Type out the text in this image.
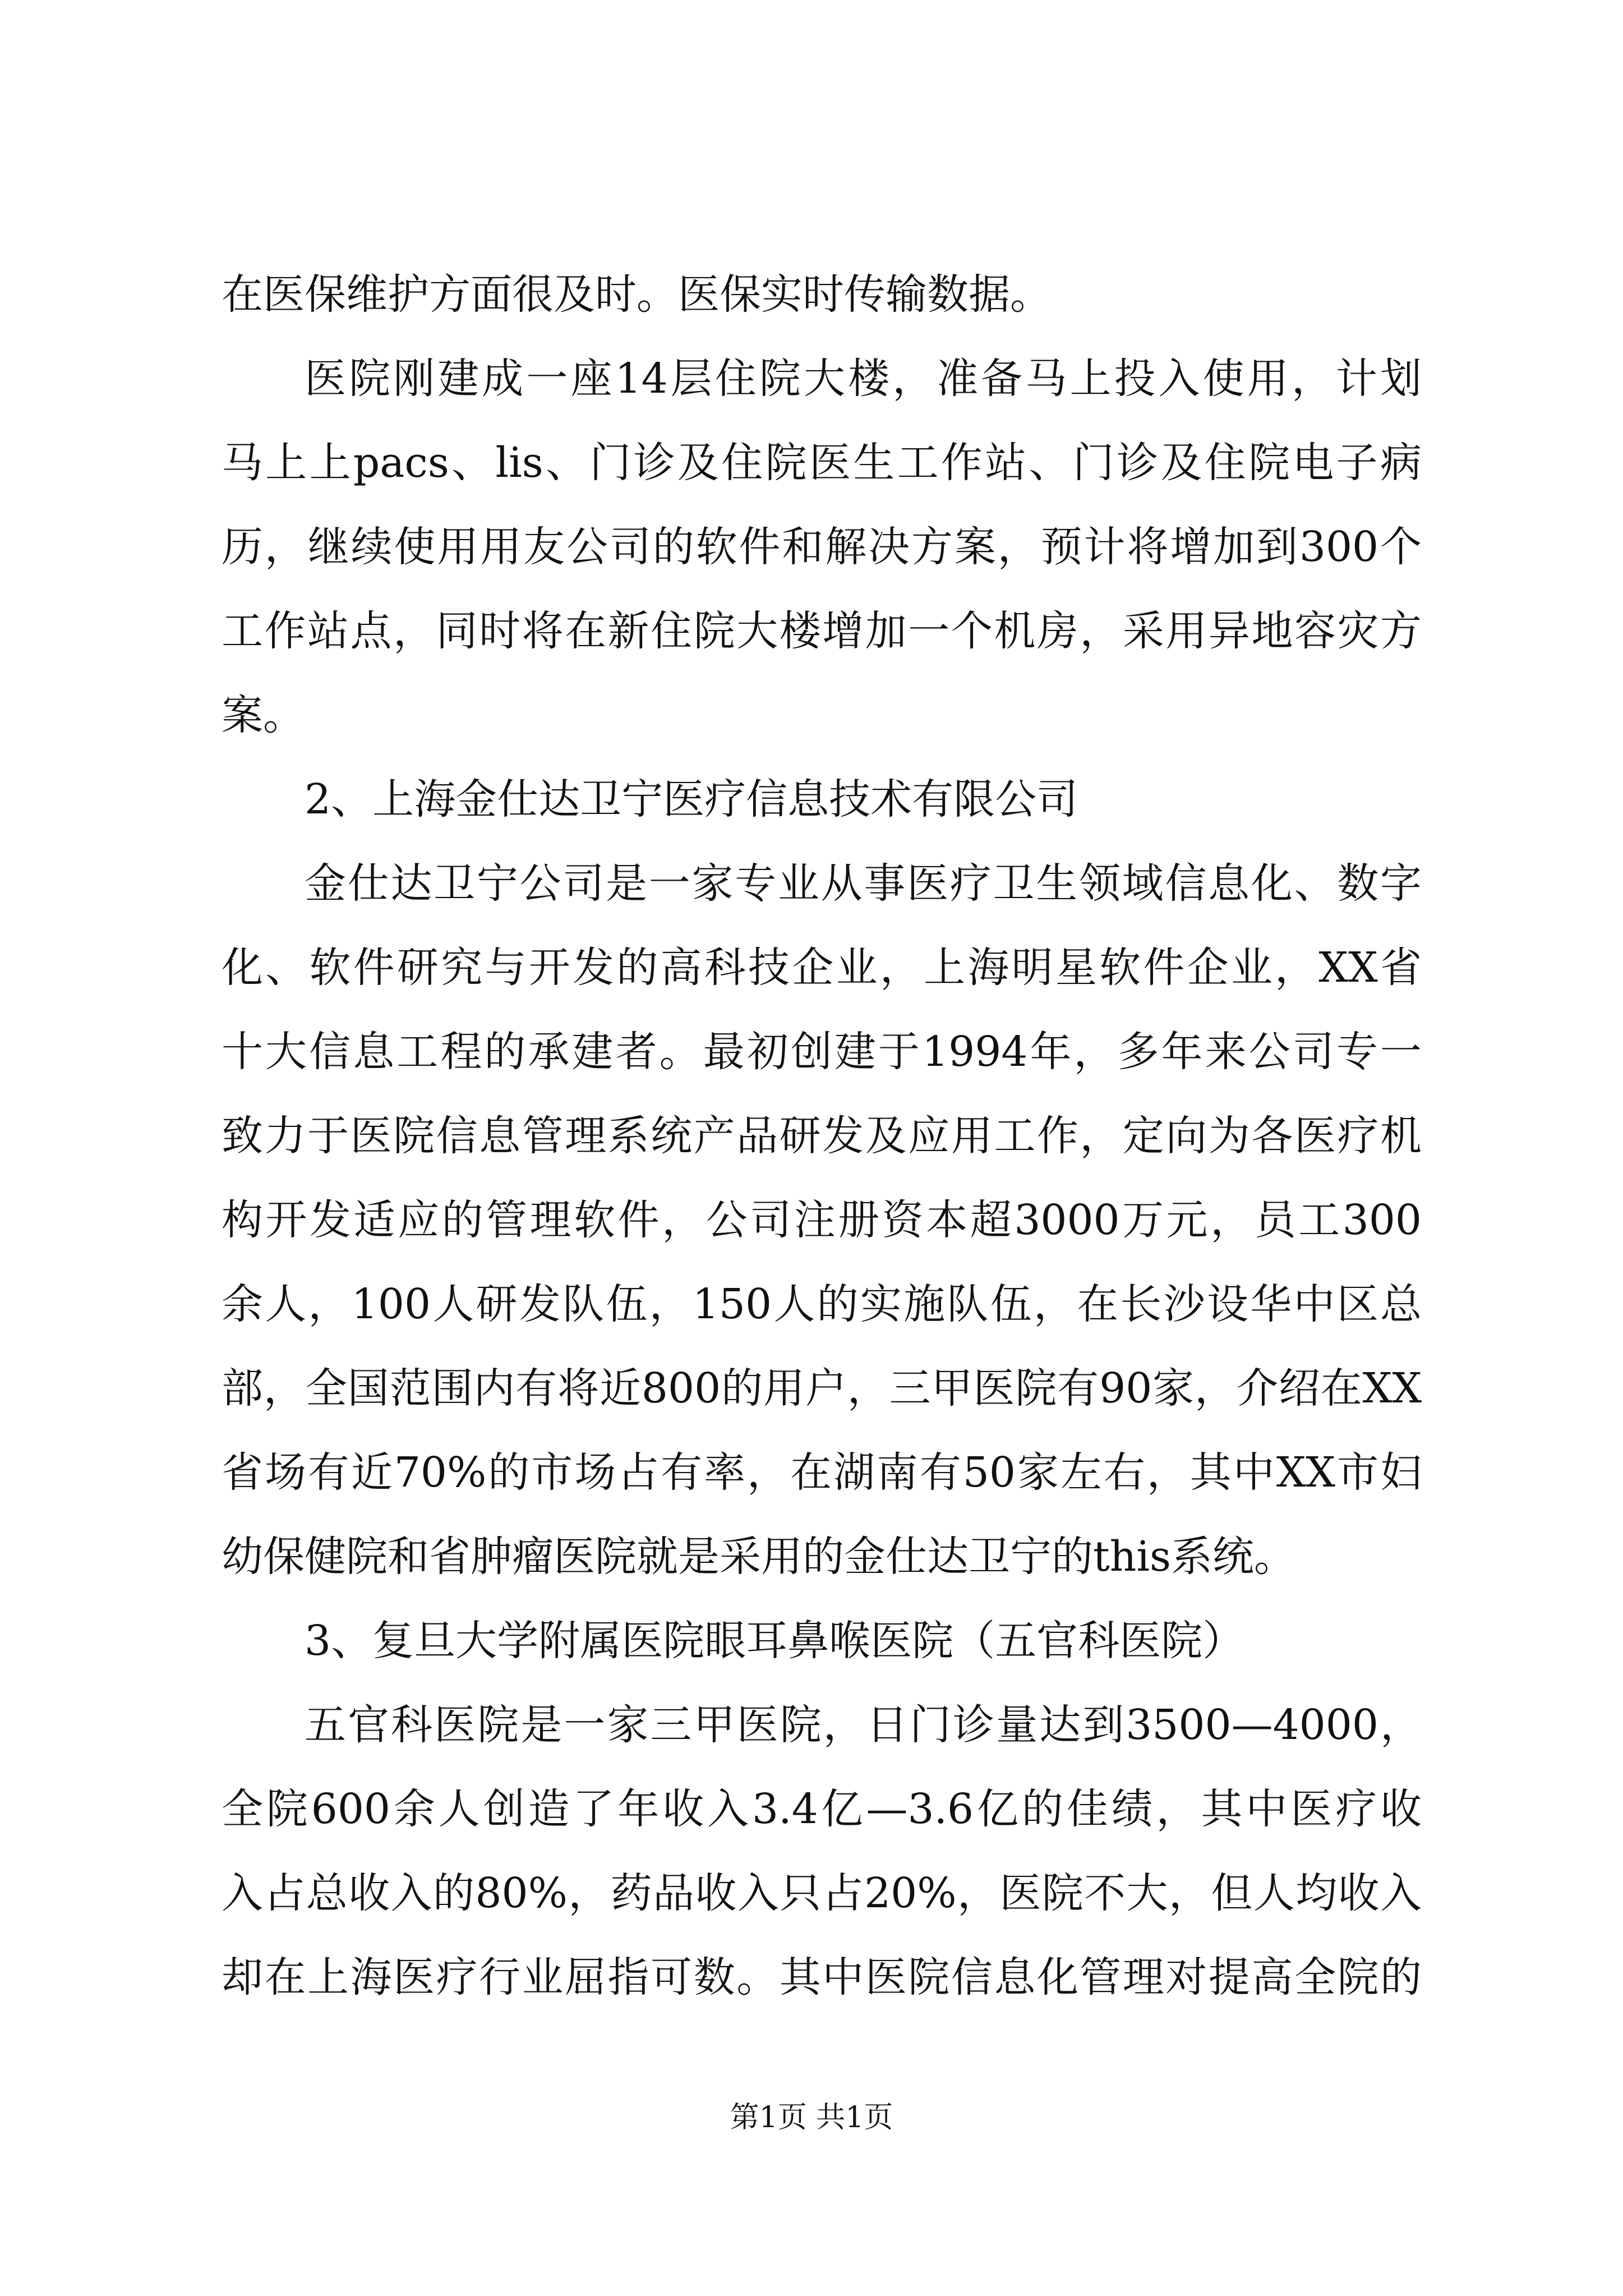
在医保维护方面很及时。医保实时传输数据。
医院刚建成一座14层住院大楼，准备马上投入使用，计划
马上上pacs、lis、门诊及住院医生工作站、门诊及住院电子病
历，继续使用用友公司的软件和解决方案，预计将增加到300个
工作站点，同时将在新住院大楼增加一个机房，采用异地容灾方
案。
2、上海金仕达卫宁医疗信息技术有限公司
金仕达卫宁公司是一家专业从事医疗卫生领域信息化、数字
化、软件研究与开发的高科技企业，上海明星软件企业，XX省
十大信息工程的承建者。最初创建于1994年，多年来公司专一
致力于医院信息管理系统产品研发及应用工作，定向为各医疗机
构开发适应的管理软件，公司注册资本超3000万元，员工300
余人，100人研发队伍，150人的实施队伍，在长沙设华中区总
部，全国范围内有将近800的用户，三甲医院有90家，介绍在XX
省场有近70%的市场占有率，在湖南有50家左右，其中XX市妇
幼保健院和省肿瘤医院就是采用的金仕达卫宁的this系统。
3、复旦大学附属医院眼耳鼻喉医院（五官科医院）
五官科医院是一家三甲医院，日门诊量达到3500—4000，
全院600余人创造了年收入3.4亿—3.6亿的佳绩，其中医疗收
入占总收入的80%，药品收入只占20%，医院不大，但人均收入
却在上海医疗行业屈指可数。其中医院信息化管理对提高全院的
第1页 共1页
